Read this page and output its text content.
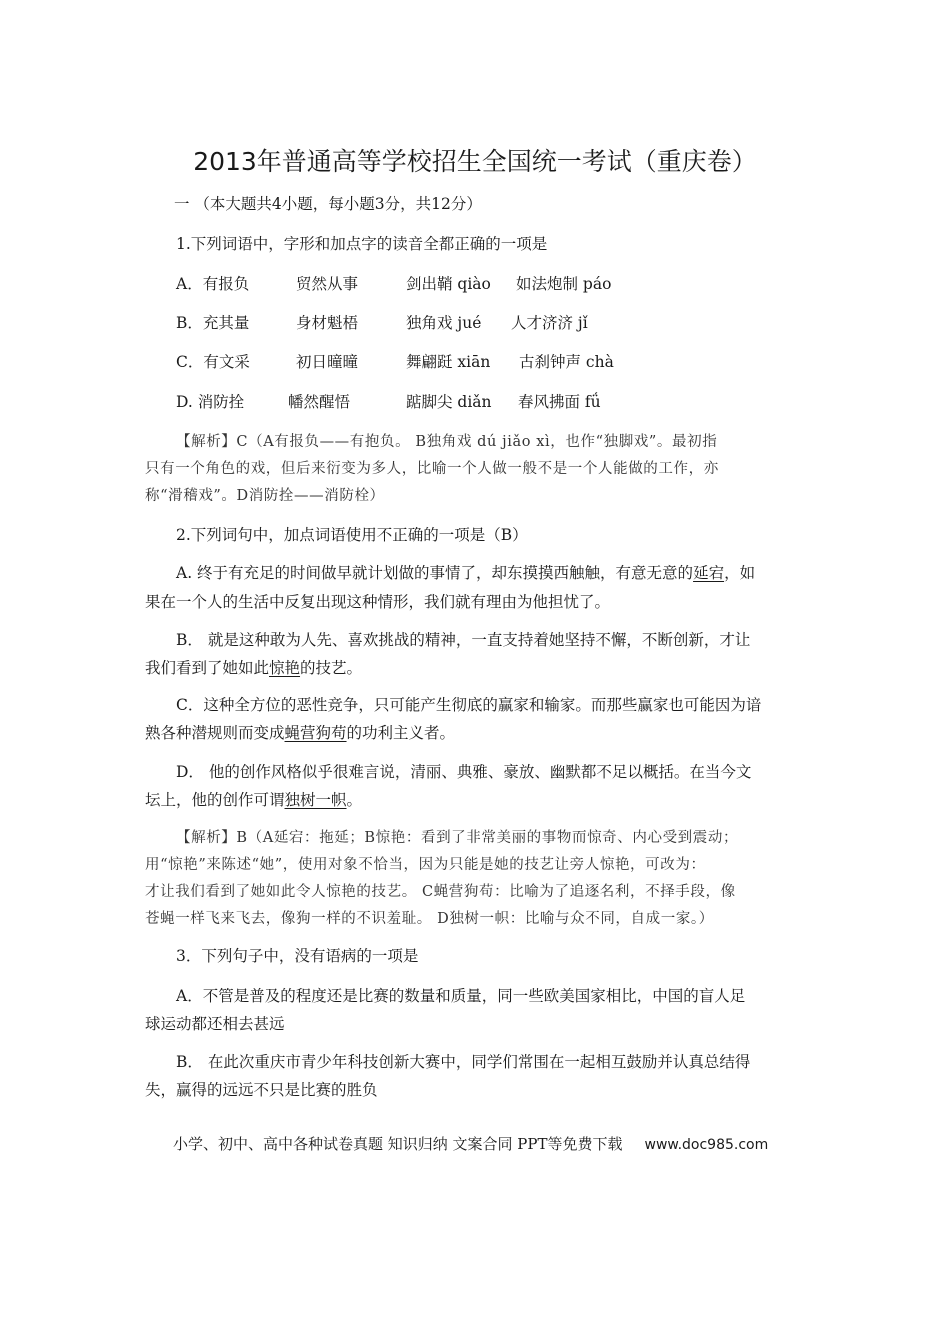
2013年普通高等学校招生全国统一考试（重庆卷）
一 （本大题共4小题，每小题3分，共12分）
1.下列词语中，字形和加点字的读音全都正确的一项是
A．有报负	贸然从事	剑出鞘 qiào 如法炮制 páo
B．充其量	身材魁梧	独角戏 jué 人才济济 jǐ
C．有文采	初日曈曈	舞翩跹 xiān 古刹钟声 chà
D. 消防拴	幡然醒悟	踮脚尖 diǎn 春风拂面 fǘ
【解析】C（A有报负——有抱负。 B独角戏 dú jiǎo xì，也作“独脚戏”。最初指
只有一个角色的戏，但后来衍变为多人，比喻一个人做一般不是一个人能做的工作，亦
称“滑稽戏”。D消防拴——消防栓）
2.下列词句中，加点词语使用不正确的一项是（B）
A. 终于有充足的时间做早就计划做的事情了，却东摸摸西触触，有意无意的延宕，如
果在一个人的生活中反复出现这种情形，我们就有理由为他担忧了。
B． 就是这种敢为人先、喜欢挑战的精神，一直支持着她坚持不懈，不断创新，才让
我们看到了她如此惊艳的技艺。
C．这种全方位的恶性竞争，只可能产生彻底的赢家和输家。而那些赢家也可能因为谙
熟各种潜规则而变成蝇营狗苟的功利主义者。
D． 他的创作风格似乎很难言说，清丽、典雅、豪放、幽默都不足以概括。在当今文
坛上，他的创作可谓独树一帜。
【解析】B（A延宕：拖延；B惊艳：看到了非常美丽的事物而惊奇、内心受到震动；
用“惊艳”来陈述“她”，使用对象不恰当，因为只能是她的技艺让旁人惊艳，可改为：
才让我们看到了她如此令人惊艳的技艺。 C蝇营狗苟：比喻为了追逐名利，不择手段，像
苍蝇一样飞来飞去，像狗一样的不识羞耻。 D独树一帜：比喻与众不同，自成一家。）
3．下列句子中，没有语病的一项是
A．不管是普及的程度还是比赛的数量和质量，同一些欧美国家相比，中国的盲人足
球运动都还相去甚远
B． 在此次重庆市青少年科技创新大赛中，同学们常围在一起相互鼓励并认真总结得
失，赢得的远远不只是比赛的胜负
小学、初中、高中各种试卷真题 知识归纳 文案合同 PPT等免费下载 www.doc985.com
